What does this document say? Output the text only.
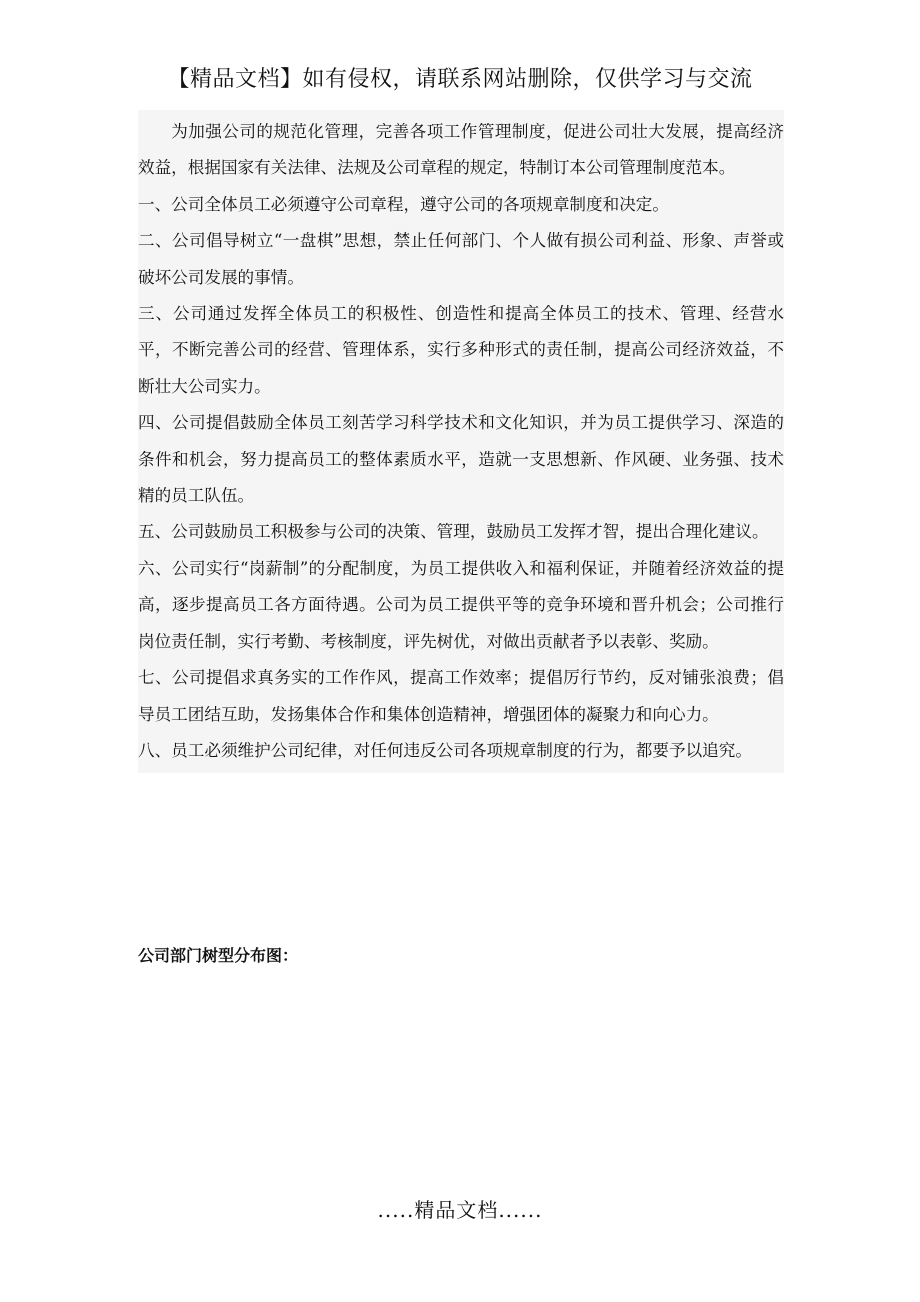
【精品文档】如有侵权，请联系网站删除，仅供学习与交流

为加强公司的规范化管理，完善各项工作管理制度，促进公司壮大发展，提高经济效益，根据国家有关法律、法规及公司章程的规定，特制订本公司管理制度范本。

一、公司全体员工必须遵守公司章程，遵守公司的各项规章制度和决定。

二、公司倡导树立“一盘棋”思想，禁止任何部门、个人做有损公司利益、形象、声誉或破坏公司发展的事情。

三、公司通过发挥全体员工的积极性、创造性和提高全体员工的技术、管理、经营水平，不断完善公司的经营、管理体系，实行多种形式的责任制，提高公司经济效益，不断壮大公司实力。

四、公司提倡鼓励全体员工刻苦学习科学技术和文化知识，并为员工提供学习、深造的条件和机会，努力提高员工的整体素质水平，造就一支思想新、作风硬、业务强、技术精的员工队伍。

五、公司鼓励员工积极参与公司的决策、管理，鼓励员工发挥才智，提出合理化建议。

六、公司实行“岗薪制”的分配制度，为员工提供收入和福利保证，并随着经济效益的提高，逐步提高员工各方面待遇。公司为员工提供平等的竞争环境和晋升机会；公司推行岗位责任制，实行考勤、考核制度，评先树优，对做出贡献者予以表彰、奖励。

七、公司提倡求真务实的工作作风，提高工作效率；提倡厉行节约，反对铺张浪费；倡导员工团结互助，发扬集体合作和集体创造精神，增强团体的凝聚力和向心力。

八、员工必须维护公司纪律，对任何违反公司各项规章制度的行为，都要予以追究。

公司部门树型分布图：
.....精品文档......
